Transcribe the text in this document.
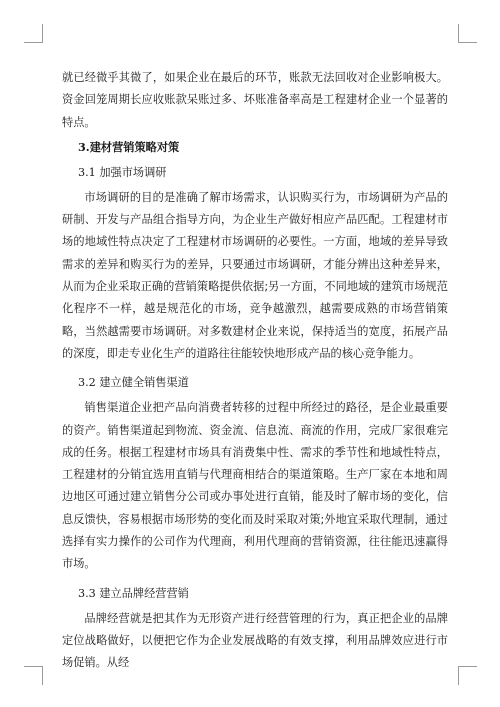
就已经微乎其微了，如果企业在最后的环节，账款无法回收对企业影响极大。资金回笼周期长应收账款呆账过多、坏账准备率高是工程建材企业一个显著的特点。

3.建材营销策略对策
3.1 加强市场调研

市场调研的目的是准确了解市场需求，认识购买行为，市场调研为产品的研制、开发与产品组合指导方向，为企业生产做好相应产品匹配。工程建材市场的地域性特点决定了工程建材市场调研的必要性。一方面，地域的差异导致需求的差异和购买行为的差异，只要通过市场调研，才能分辨出这种差异来，从而为企业采取正确的营销策略提供依据;另一方面，不同地域的建筑市场规范化程序不一样，越是规范化的市场，竞争越激烈，越需要成熟的市场营销策略，当然越需要市场调研。对多数建材企业来说，保持适当的宽度，拓展产品的深度，即走专业化生产的道路往往能较快地形成产品的核心竞争能力。

3.2 建立健全销售渠道

销售渠道企业把产品向消费者转移的过程中所经过的路径，是企业最重要的资产。销售渠道起到物流、资金流、信息流、商流的作用，完成厂家很难完成的任务。根据工程建材市场具有消费集中性、需求的季节性和地域性特点，工程建材的分销宜选用直销与代理商相结合的渠道策略。生产厂家在本地和周边地区可通过建立销售分公司或办事处进行直销，能及时了解市场的变化，信息反馈快，容易根据市场形势的变化而及时采取对策;外地宜采取代理制，通过选择有实力操作的公司作为代理商，利用代理商的营销资源，往往能迅速赢得市场。

3.3 建立品牌经营营销

品牌经营就是把其作为无形资产进行经营管理的行为，真正把企业的品牌定位战略做好，以便把它作为企业发展战略的有效支撑，利用品牌效应进行市场促销。从经
